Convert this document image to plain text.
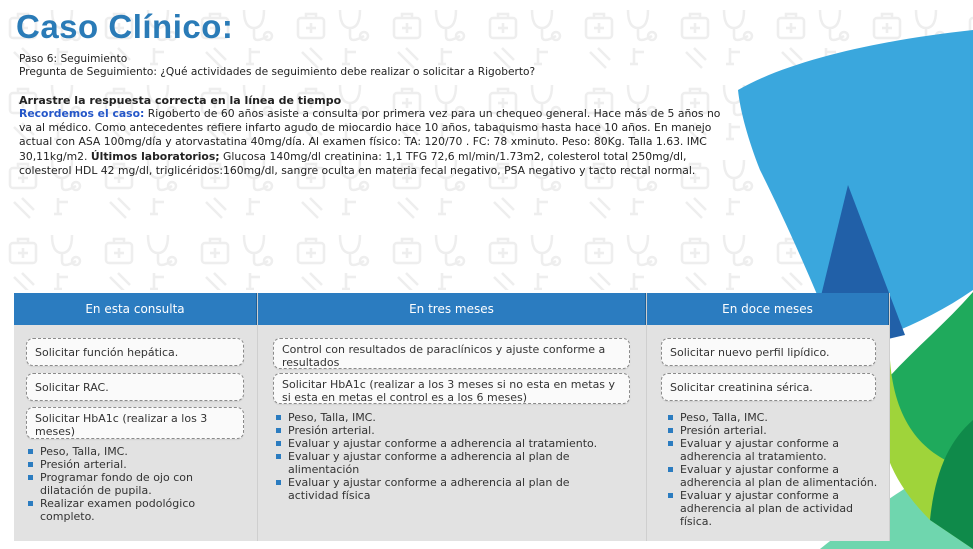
Caso Clínico:
Paso 6: Seguimiento
Pregunta de Seguimiento: ¿Qué actividades de seguimiento debe realizar o solicitar a Rigoberto?
Arrastre la respuesta correcta en la línea de tiempo

Recordemos el caso: Rigoberto de 60 años asiste a consulta por primera vez para un chequeo general. Hace más de 5 años no va al médico. Como antecedentes refiere infarto agudo de miocardio hace 10 años, tabaquismo hasta hace 10 años. En manejo actual con ASA 100mg/día y atorvastatina 40mg/día. Al examen físico: TA: 120/70 . FC: 78 xminuto. Peso: 80Kg. Talla 1.63. IMC 30,11kg/m2. Últimos laboratorios; Glucosa 140mg/dl creatinina: 1,1 TFG 72,6 ml/min/1.73m2, colesterol total 250mg/dl, colesterol HDL 42 mg/dl, triglicéridos:160mg/dl, sangre oculta en materia fecal negativo, PSA negativo y tacto rectal normal.

En esta consulta
Solicitar función hepática.
Solicitar RAC.
Solicitar HbA1c (realizar a los 3 meses)
Peso, Talla, IMC.
Presión arterial.
Programar fondo de ojo con dilatación de pupila.
Realizar examen podológico completo.
En tres meses
Control con resultados de paraclínicos y ajuste conforme a resultados
Solicitar HbA1c (realizar a los 3 meses si no esta en metas y si esta en metas el control es a los 6 meses)
Peso, Talla, IMC.
Presión arterial.
Evaluar y ajustar conforme a adherencia al tratamiento.
Evaluar y ajustar conforme a adherencia al plan de alimentación
Evaluar y ajustar conforme a adherencia al plan de actividad física
En doce meses
Solicitar nuevo perfil lipídico.
Solicitar creatinina sérica.
Peso, Talla, IMC.
Presión arterial.
Evaluar y ajustar conforme a adherencia al tratamiento.
Evaluar y ajustar conforme a adherencia al plan de alimentación.
Evaluar y ajustar conforme a adherencia al plan de actividad física.
